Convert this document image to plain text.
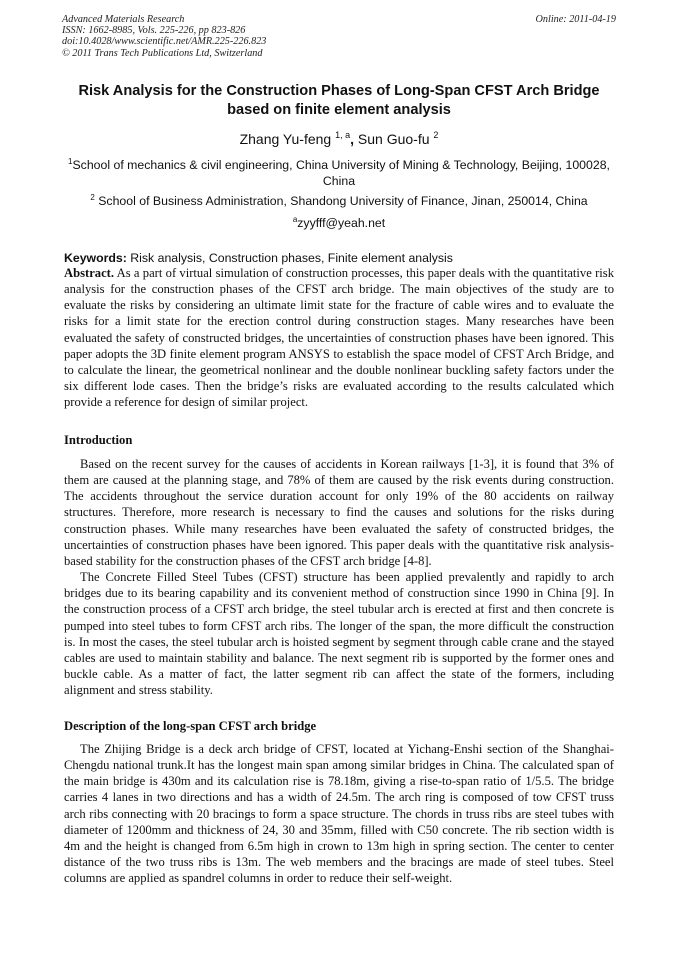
Advanced Materials Research
ISSN: 1662-8985, Vols. 225-226, pp 823-826
doi:10.4028/www.scientific.net/AMR.225-226.823
© 2011 Trans Tech Publications Ltd, Switzerland
Online: 2011-04-19
Risk Analysis for the Construction Phases of Long-Span CFST Arch Bridge based on finite element analysis
Zhang Yu-feng $^{1, a}$, Sun Guo-fu $^2$
$^1$School of mechanics & civil engineering, China University of Mining & Technology, Beijing, 100028, China
$^2$ School of Business Administration, Shandong University of Finance, Jinan, 250014, China
$^a$zyyfff@yeah.net
Keywords: Risk analysis, Construction phases, Finite element analysis
Abstract. As a part of virtual simulation of construction processes, this paper deals with the quantitative risk analysis for the construction phases of the CFST arch bridge. The main objectives of the study are to evaluate the risks by considering an ultimate limit state for the fracture of cable wires and to evaluate the risks for a limit state for the erection control during construction stages. Many researches have been evaluated the safety of constructed bridges, the uncertainties of construction phases have been ignored. This paper adopts the 3D finite element program ANSYS to establish the space model of CFST Arch Bridge, and to calculate the linear, the geometrical nonlinear and the double nonlinear buckling safety factors under the six different lode cases. Then the bridge’s risks are evaluated according to the results calculated which provide a reference for design of similar project.
Introduction

Based on the recent survey for the causes of accidents in Korean railways [1-3], it is found that 3% of them are caused at the planning stage, and 78% of them are caused by the risk events during construction. The accidents throughout the service duration account for only 19% of the 80 accidents on railway structures. Therefore, more research is necessary to find the causes and solutions for the risks during construction phases. While many researches have been evaluated the safety of constructed bridges, the uncertainties of construction phases have been ignored. This paper deals with the quantitative risk analysis-based stability for the construction phases of the CFST arch bridge [4-8].

The Concrete Filled Steel Tubes (CFST) structure has been applied prevalently and rapidly to arch bridges due to its bearing capability and its convenient method of construction since 1990 in China [9]. In the construction process of a CFST arch bridge, the steel tubular arch is erected at first and then concrete is pumped into steel tubes to form CFST arch ribs. The longer of the span, the more difficult the construction is. In most the cases, the steel tubular arch is hoisted segment by segment through cable crane and the stayed cables are used to maintain stability and balance. The next segment rib is supported by the former ones and buckle cable. As a matter of fact, the latter segment rib can affect the state of the formers, including alignment and stress stability.

Description of the long-span CFST arch bridge

The Zhijing Bridge is a deck arch bridge of CFST, located at Yichang-Enshi section of the Shanghai-Chengdu national trunk.It has the longest main span among similar bridges in China. The calculated span of the main bridge is 430m and its calculation rise is 78.18m, giving a rise-to-span ratio of 1/5.5. The bridge carries 4 lanes in two directions and has a width of 24.5m. The arch ring is composed of tow CFST truss arch ribs connecting with 20 bracings to form a space structure. The chords in truss ribs are steel tubes with diameter of 1200mm and thickness of 24, 30 and 35mm, filled with C50 concrete. The rib section width is 4m and the height is changed from 6.5m high in crown to 13m high in spring section. The center to center distance of the two truss ribs is 13m. The web members and the bracings are made of steel tubes. Steel columns are applied as spandrel columns in order to reduce their self-weight.
